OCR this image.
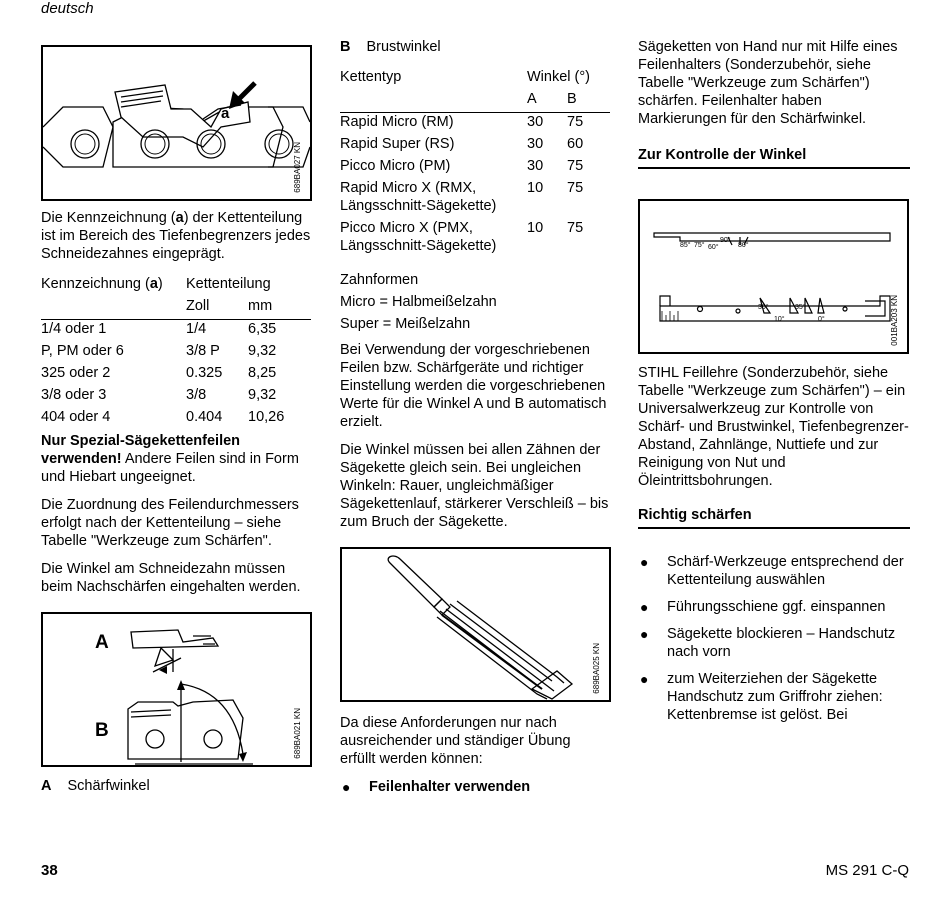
deutsch
a
689BA027 KN

Die Kennzeichnung (a) der Kettenteilung ist im Bereich des Tiefenbegrenzers jedes Schneidezahnes eingeprägt.

Kennzeichnung (a)	Kettenteilung	
	Zoll	mm
1/4 oder 1	1/4	6,35
P, PM oder 6	3/8 P	9,32
325 oder 2	0.325	8,25
3/8 oder 3	3/8	9,32
404 oder 4	0.404	10,26

Nur Spezial-Sägekettenfeilen verwenden! Andere Feilen sind in Form und Hiebart ungeeignet.

Die Zuordnung des Feilendurchmessers erfolgt nach der Kettenteilung – siehe Tabelle "Werkzeuge zum Schärfen".

Die Winkel am Schneidezahn müssen beim Nachschärfen eingehalten werden.

A
B	689BA021 KN

A Schärfwinkel

B Brustwinkel

Kettentyp	Winkel (°)	
	A	B
Rapid Micro (RM)	30	75
Rapid Super (RS)	30	60
Picco Micro (PM)	30	75
Rapid Micro X (RMX, Längsschnitt-Sägekette)	10	75
Picco Micro X (PMX, Längsschnitt-Sägekette)	10	75
Zahnformen
Micro = Halbmeißelzahn
Super = Meißelzahn

Bei Verwendung der vorgeschriebenen Feilen bzw. Schärfgeräte und richtiger Einstellung werden die vorgeschriebenen Werte für die Winkel A und B automatisch erzielt.

Die Winkel müssen bei allen Zähnen der Sägekette gleich sein. Bei ungleichen Winkeln: Rauer, ungleichmäßiger Sägekettenlauf, stärkerer Verschleiß – bis zum Bruch der Sägekette.

689BA025 KN

Da diese Anforderungen nur nach ausreichender und ständiger Übung erfüllt werden können:

● Feilenhalter verwenden

Sägeketten von Hand nur mit Hilfe eines Feilenhalters (Sonderzubehör, siehe Tabelle "Werkzeuge zum Schärfen") schärfen. Feilenhalter haben Markierungen für den Schärfwinkel.

Zur Kontrolle der Winkel
85° 75° 60°
90°
80°
30°
10°
35°
0°	001BA203 KN

STIHL Feillehre (Sonderzubehör, siehe Tabelle "Werkzeuge zum Schärfen") – ein Universalwerkzeug zur Kontrolle von Schärf- und Brustwinkel, Tiefenbegrenzer-Abstand, Zahnlänge, Nuttiefe und zur Reinigung von Nut und Öleintrittsbohrungen.

Richtig schärfen
● Schärf-Werkzeuge entsprechend der Kettenteilung auswählen
● Führungsschiene ggf. einspannen
● Sägekette blockieren – Handschutz nach vorn
● zum Weiterziehen der Sägekette Handschutz zum Griffrohr ziehen: Kettenbremse ist gelöst. Bei
38	MS 291 C-Q
